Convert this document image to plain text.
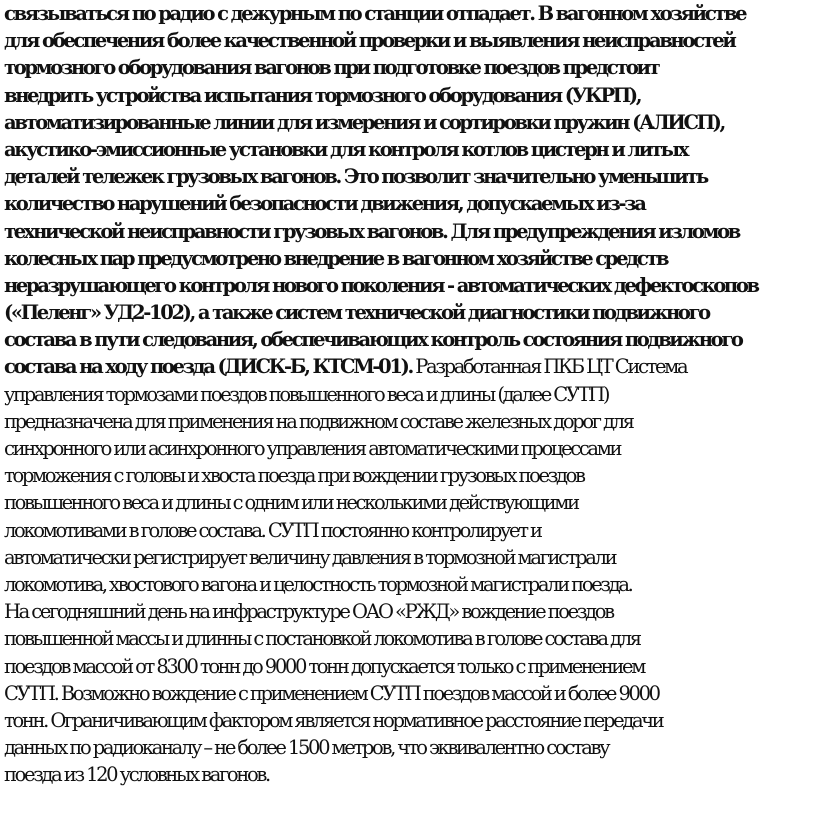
связываться по радио с дежурным по станции отпадает. В вагонном хозяйстве
для обеспечения более качественной проверки и выявления неисправностей
тормозного оборудования вагонов при подготовке поездов предстоит
внедрить устройства испытания тормозного оборудования (УКРП),
автоматизированные линии для измерения и сортировки пружин (АЛИСП),
акустико-эмиссионные установки для контроля котлов цистерн и литых
деталей тележек грузовых вагонов. Это позволит значительно уменьшить
количество нарушений безопасности движения, допускаемых из-за
технической неисправности грузовых вагонов. Для предупреждения изломов
колесных пар предусмотрено внедрение в вагонном хозяйстве средств
неразрушающего контроля нового поколения - автоматических дефектоскопов
(«Пеленг» УД2-102), а также систем технической диагностики подвижного
состава в пути следования, обеспечивающих контроль состояния подвижного
состава на ходу поезда (ДИСК-Б, КТСМ-01). Разработанная ПКБ ЦТ Система
управления тормозами поездов повышенного веса и длины (далее СУТП)
предназначена для применения на подвижном составе железных дорог для
синхронного или асинхронного управления автоматическими процессами
торможения с головы и хвоста поезда при вождении грузовых поездов
повышенного веса и длины с одним или несколькими действующими
локомотивами в голове состава. СУТП постоянно контролирует и
автоматически регистрирует величину давления в тормозной магистрали
локомотива, хвостового вагона и целостность тормозной магистрали поезда.
На сегодняшний день на инфраструктуре ОАО «РЖД» вождение поездов
повышенной массы и длинны с постановкой локомотива в голове состава для
поездов массой от 8300 тонн до 9000 тонн допускается только с применением
СУТП. Возможно вождение с применением СУТП поездов массой и более 9000
тонн. Ограничивающим фактором является нормативное расстояние передачи
данных по радиоканалу – не более 1500 метров, что эквивалентно составу
поезда из 120 условных вагонов.
